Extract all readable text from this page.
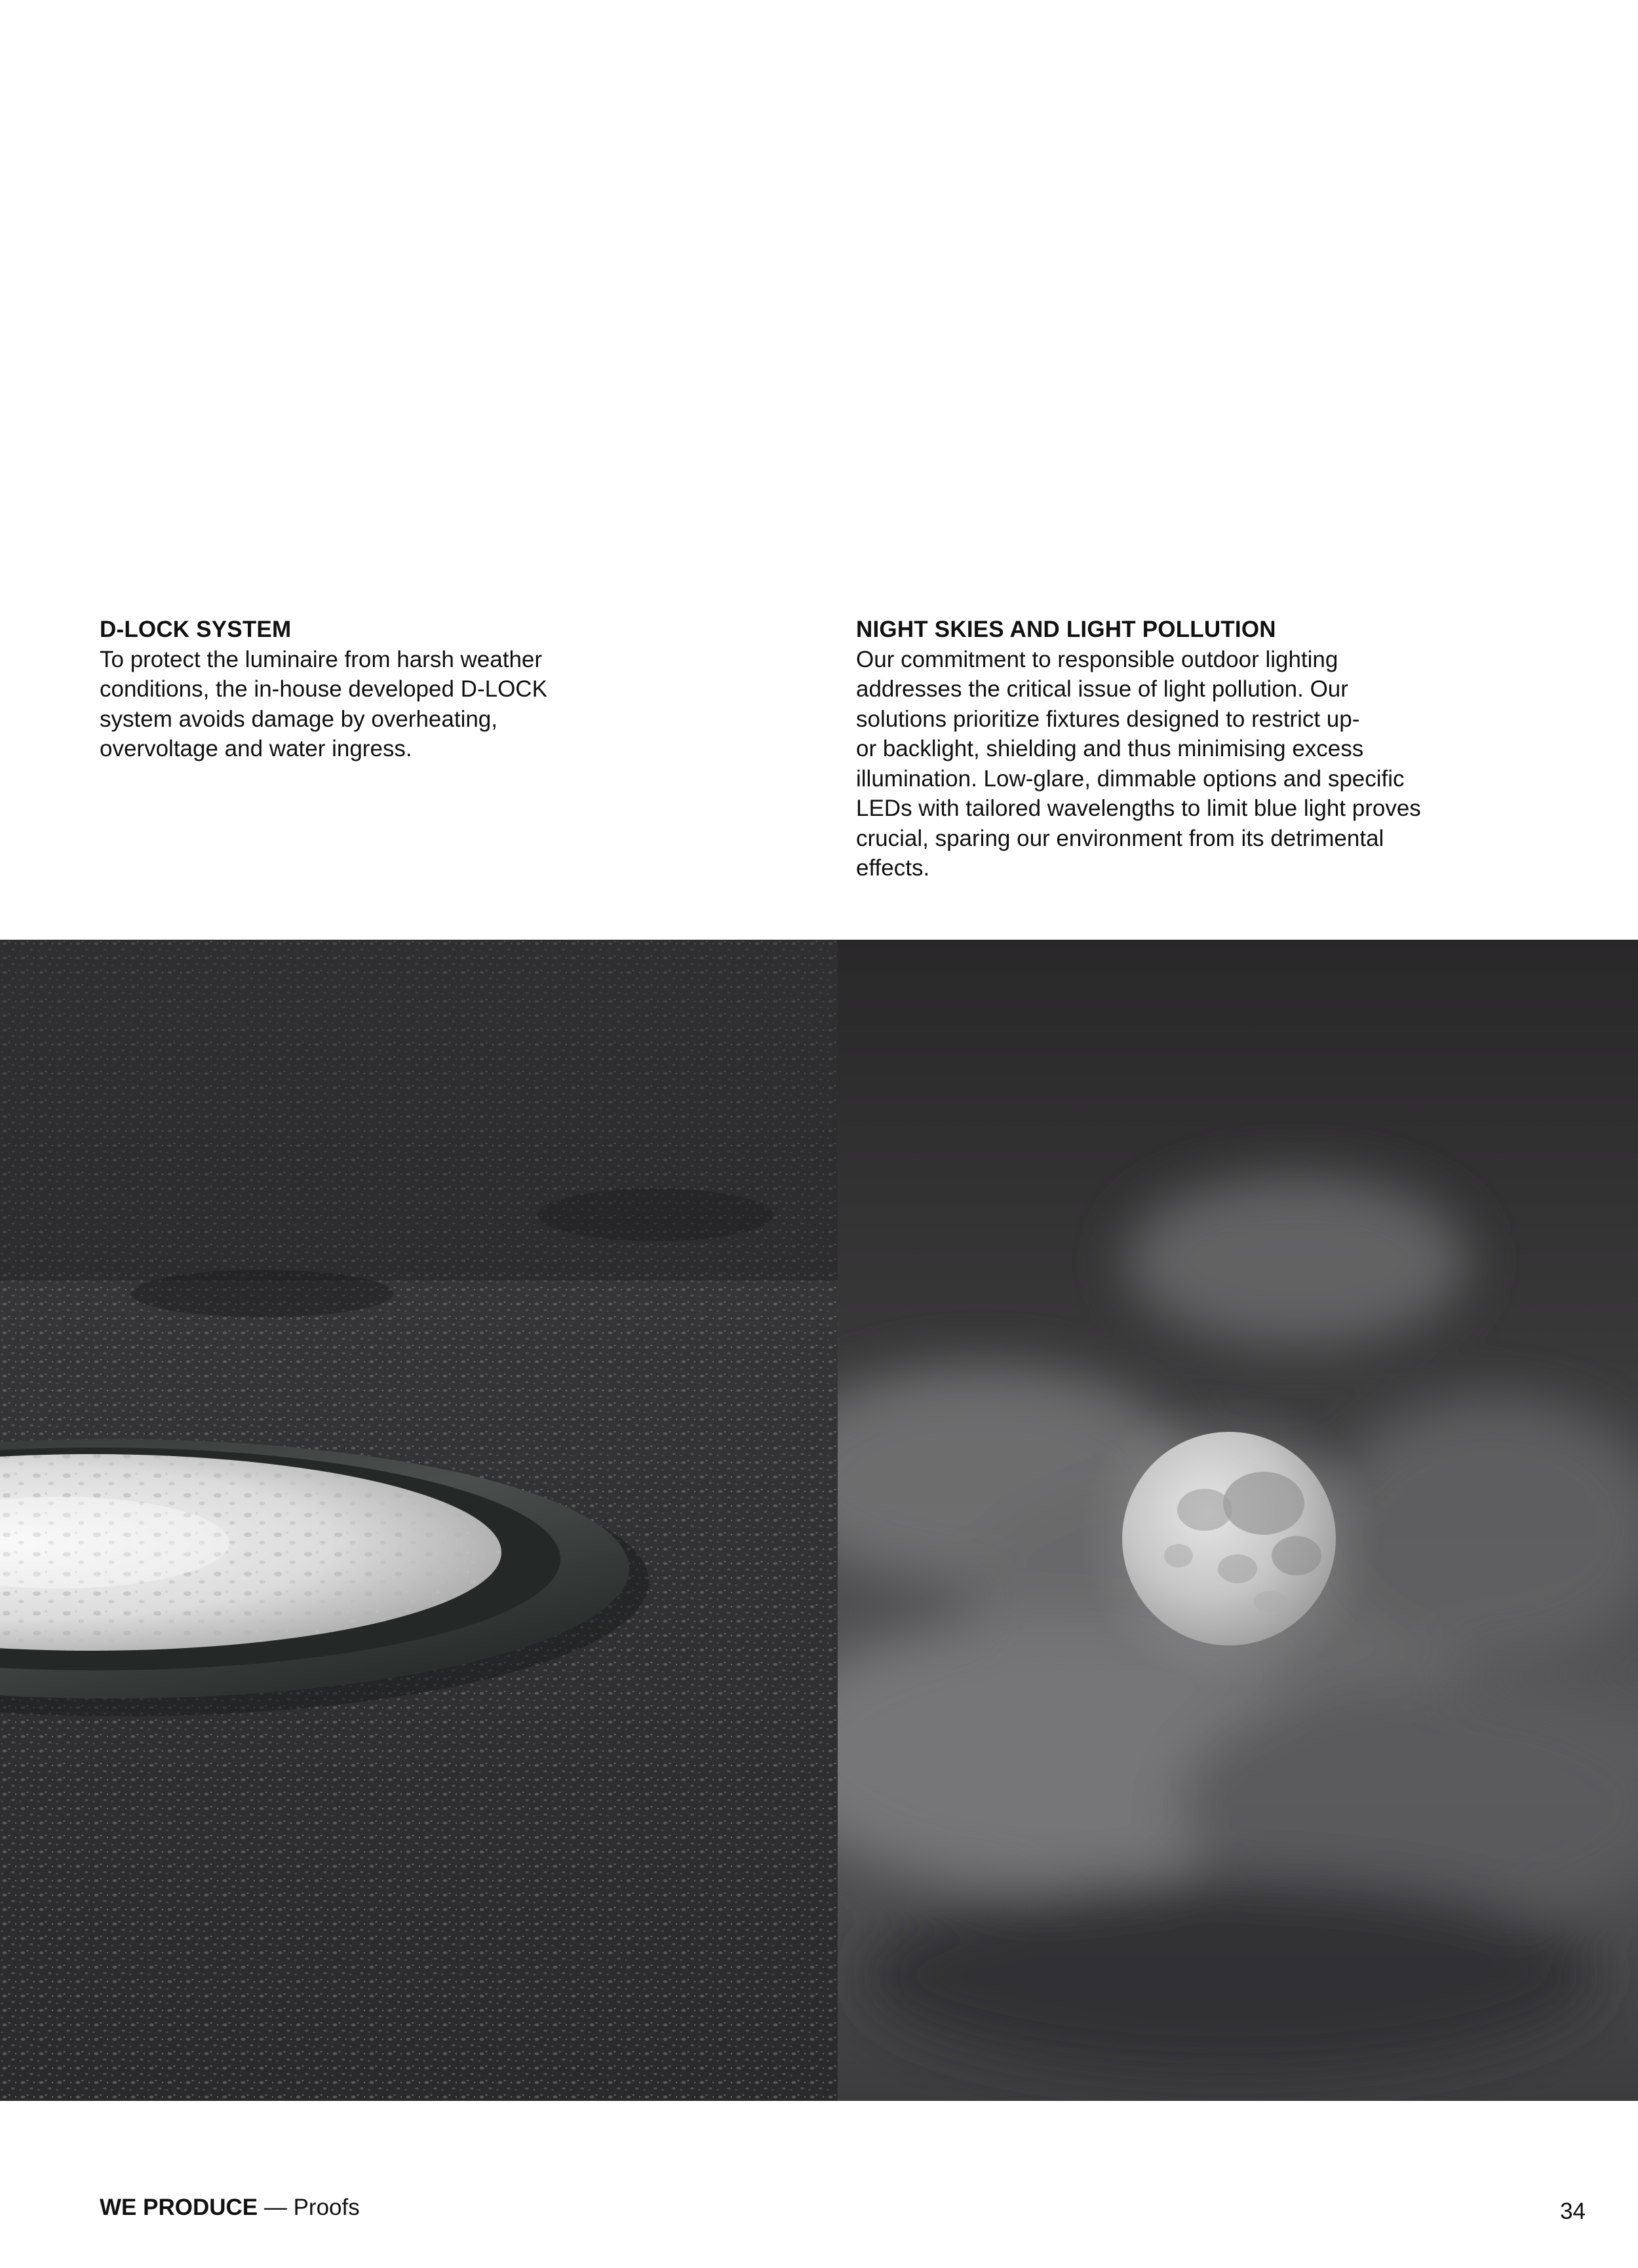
D-LOCK SYSTEM

To protect the luminaire from harsh weather

conditions, the in-house developed D-LOCK

system avoids damage by overheating,

overvoltage and water ingress.

NIGHT SKIES AND LIGHT POLLUTION

Our commitment to responsible outdoor lighting

addresses the critical issue of light pollution. Our

solutions prioritize fixtures designed to restrict up-

or backlight, shielding and thus minimising excess

illumination. Low-glare, dimmable options and specific

LEDs with tailored wavelengths to limit blue light proves

crucial, sparing our environment from its detrimental

effects.

WE PRODUCE — Proofs	34
